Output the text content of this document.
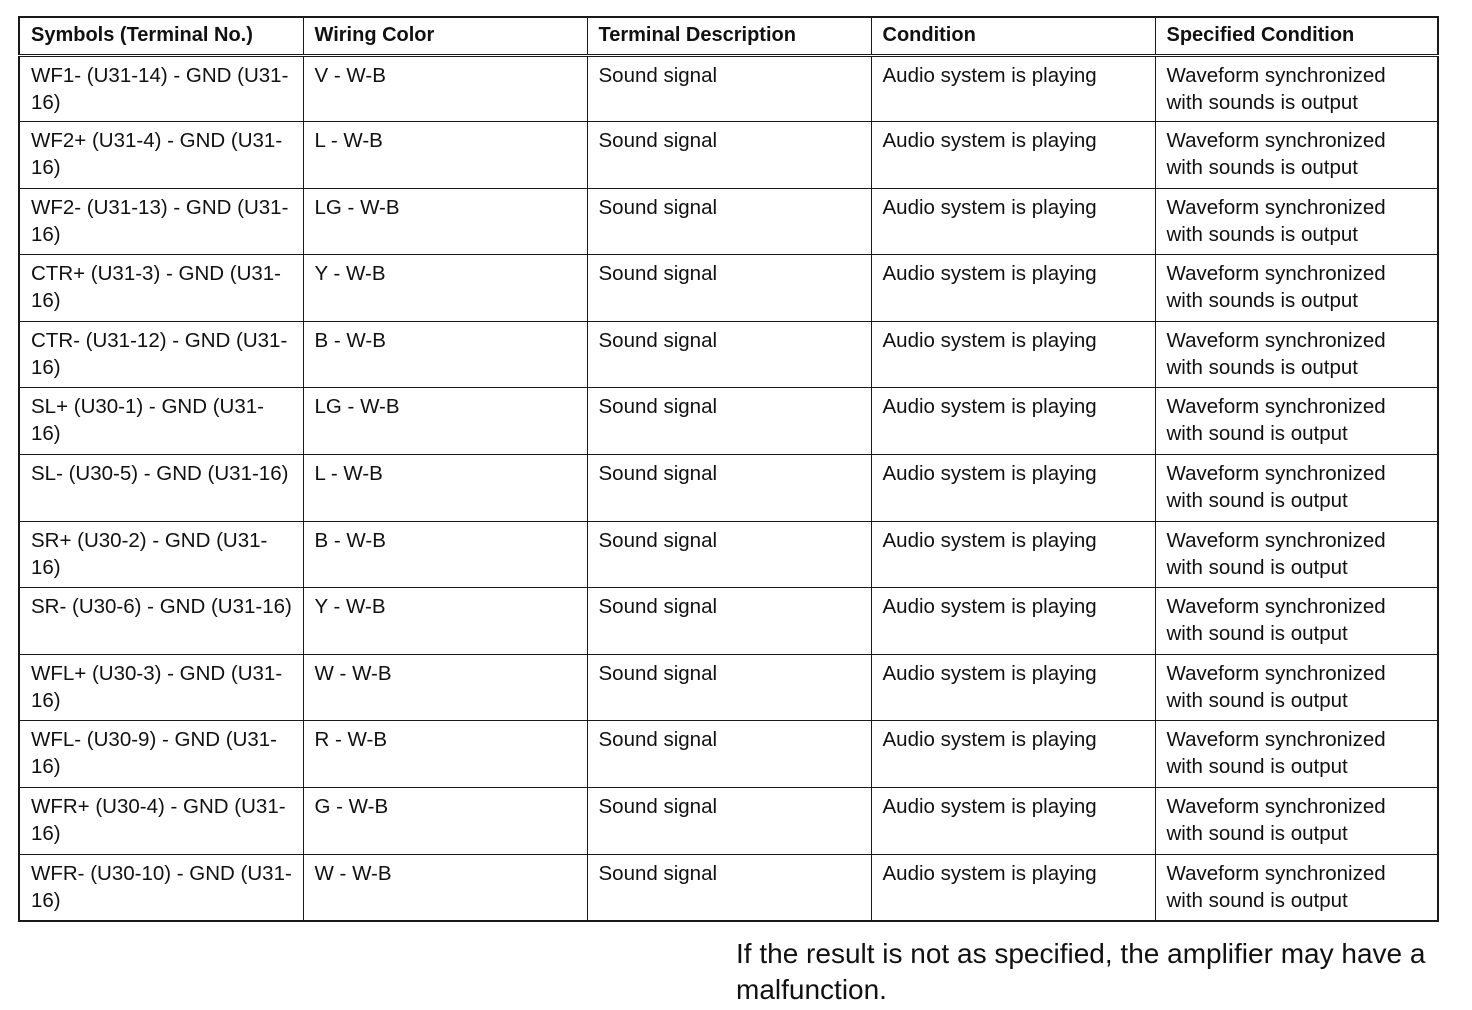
Symbols (Terminal No.)	Wiring Color	Terminal Description	Condition	Specified Condition
WF1- (U31-14) - GND (U31-16)	V - W-B	Sound signal	Audio system is playing	Waveform synchronized with sounds is output
WF2+ (U31-4) - GND (U31-16)	L - W-B	Sound signal	Audio system is playing	Waveform synchronized with sounds is output
WF2- (U31-13) - GND (U31-16)	LG - W-B	Sound signal	Audio system is playing	Waveform synchronized with sounds is output
CTR+ (U31-3) - GND (U31-16)	Y - W-B	Sound signal	Audio system is playing	Waveform synchronized with sounds is output
CTR- (U31-12) - GND (U31-16)	B - W-B	Sound signal	Audio system is playing	Waveform synchronized with sounds is output
SL+ (U30-1) - GND (U31-16)	LG - W-B	Sound signal	Audio system is playing	Waveform synchronized with sound is output
SL- (U30-5) - GND (U31-16)	L - W-B	Sound signal	Audio system is playing	Waveform synchronized with sound is output
SR+ (U30-2) - GND (U31-16)	B - W-B	Sound signal	Audio system is playing	Waveform synchronized with sound is output
SR- (U30-6) - GND (U31-16)	Y - W-B	Sound signal	Audio system is playing	Waveform synchronized with sound is output
WFL+ (U30-3) - GND (U31-16)	W - W-B	Sound signal	Audio system is playing	Waveform synchronized with sound is output
WFL- (U30-9) - GND (U31-16)	R - W-B	Sound signal	Audio system is playing	Waveform synchronized with sound is output
WFR+ (U30-4) - GND (U31-16)	G - W-B	Sound signal	Audio system is playing	Waveform synchronized with sound is output
WFR- (U30-10) - GND (U31-16)	W - W-B	Sound signal	Audio system is playing	Waveform synchronized with sound is output
If the result is not as specified, the amplifier may have a malfunction.
